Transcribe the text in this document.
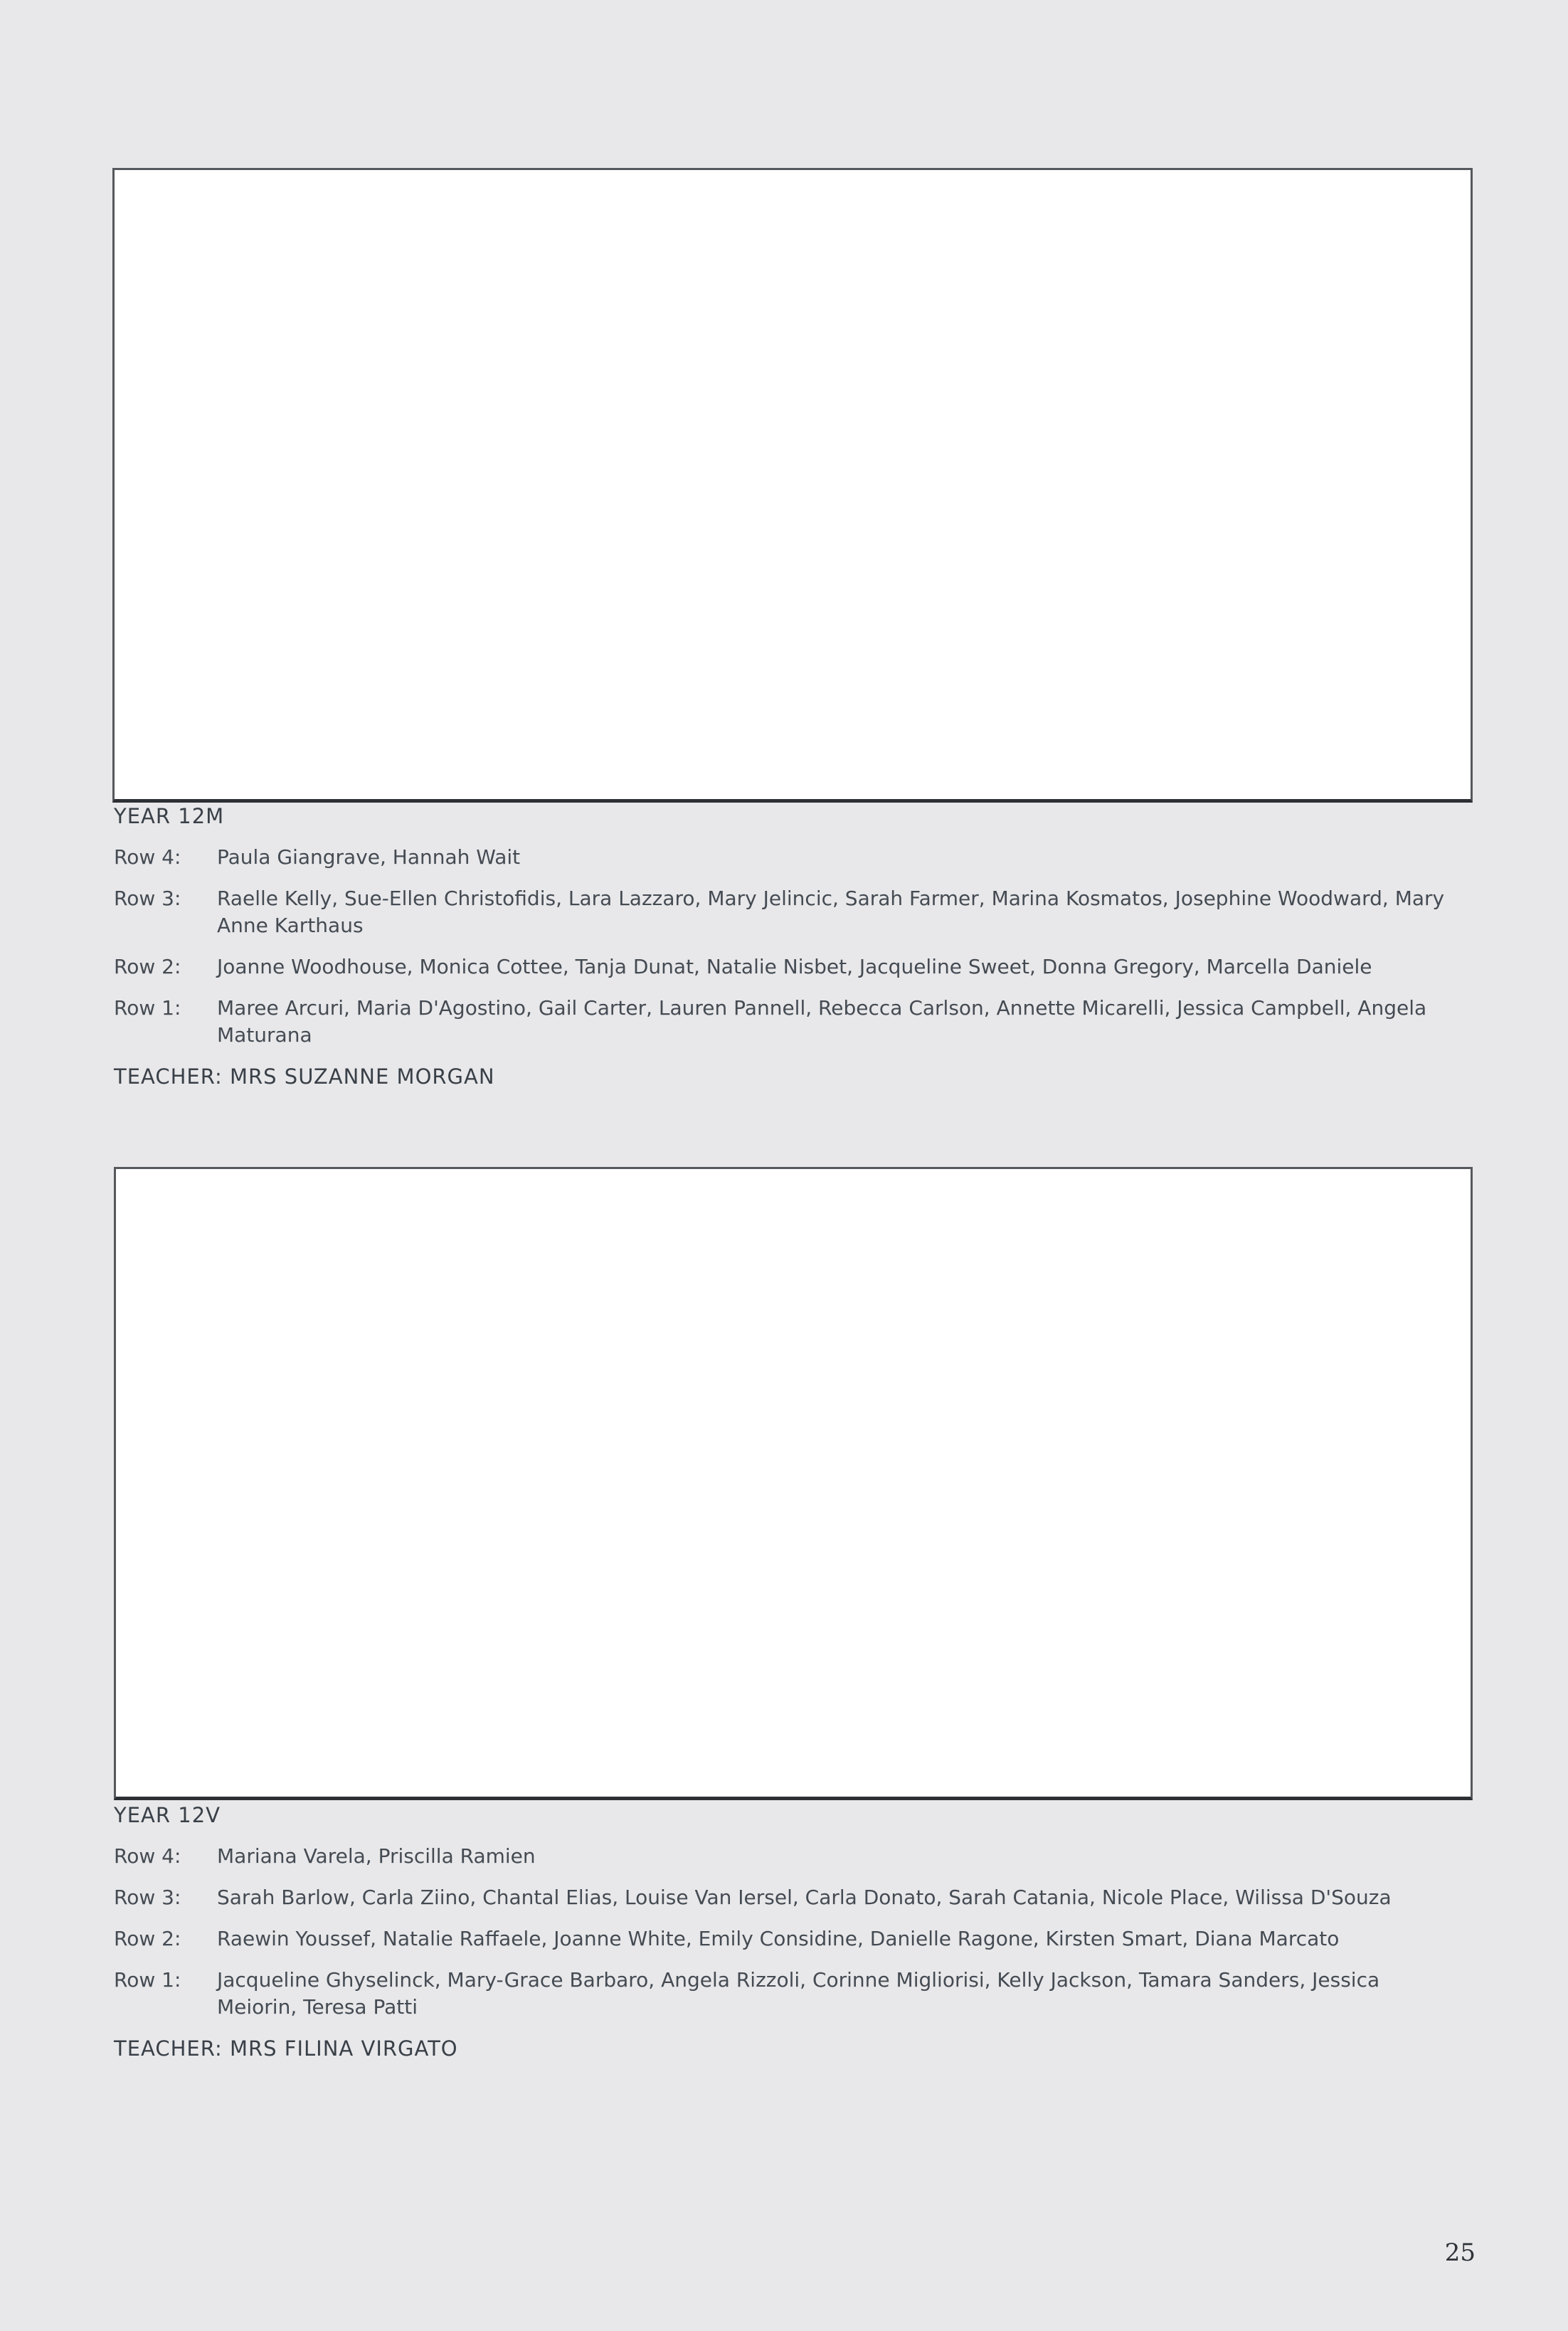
YEAR 12M
Row 4:	Paula Giangrave, Hannah Wait
Row 3:	Raelle Kelly, Sue-Ellen Christofidis, Lara Lazzaro, Mary Jelincic, Sarah Farmer, Marina Kosmatos, Josephine Woodward, Mary Anne Karthaus
Row 2:	Joanne Woodhouse, Monica Cottee, Tanja Dunat, Natalie Nisbet, Jacqueline Sweet, Donna Gregory, Marcella Daniele
Row 1:	Maree Arcuri, Maria D'Agostino, Gail Carter, Lauren Pannell, Rebecca Carlson, Annette Micarelli, Jessica Campbell, Angela Maturana
TEACHER: MRS SUZANNE MORGAN
YEAR 12V
Row 4:	Mariana Varela, Priscilla Ramien
Row 3:	Sarah Barlow, Carla Ziino, Chantal Elias, Louise Van Iersel, Carla Donato, Sarah Catania, Nicole Place, Wilissa D'Souza
Row 2:	Raewin Youssef, Natalie Raffaele, Joanne White, Emily Considine, Danielle Ragone, Kirsten Smart, Diana Marcato
Row 1:	Jacqueline Ghyselinck, Mary-Grace Barbaro, Angela Rizzoli, Corinne Migliorisi, Kelly Jackson, Tamara Sanders, Jessica Meiorin, Teresa Patti
TEACHER: MRS FILINA VIRGATO
25
